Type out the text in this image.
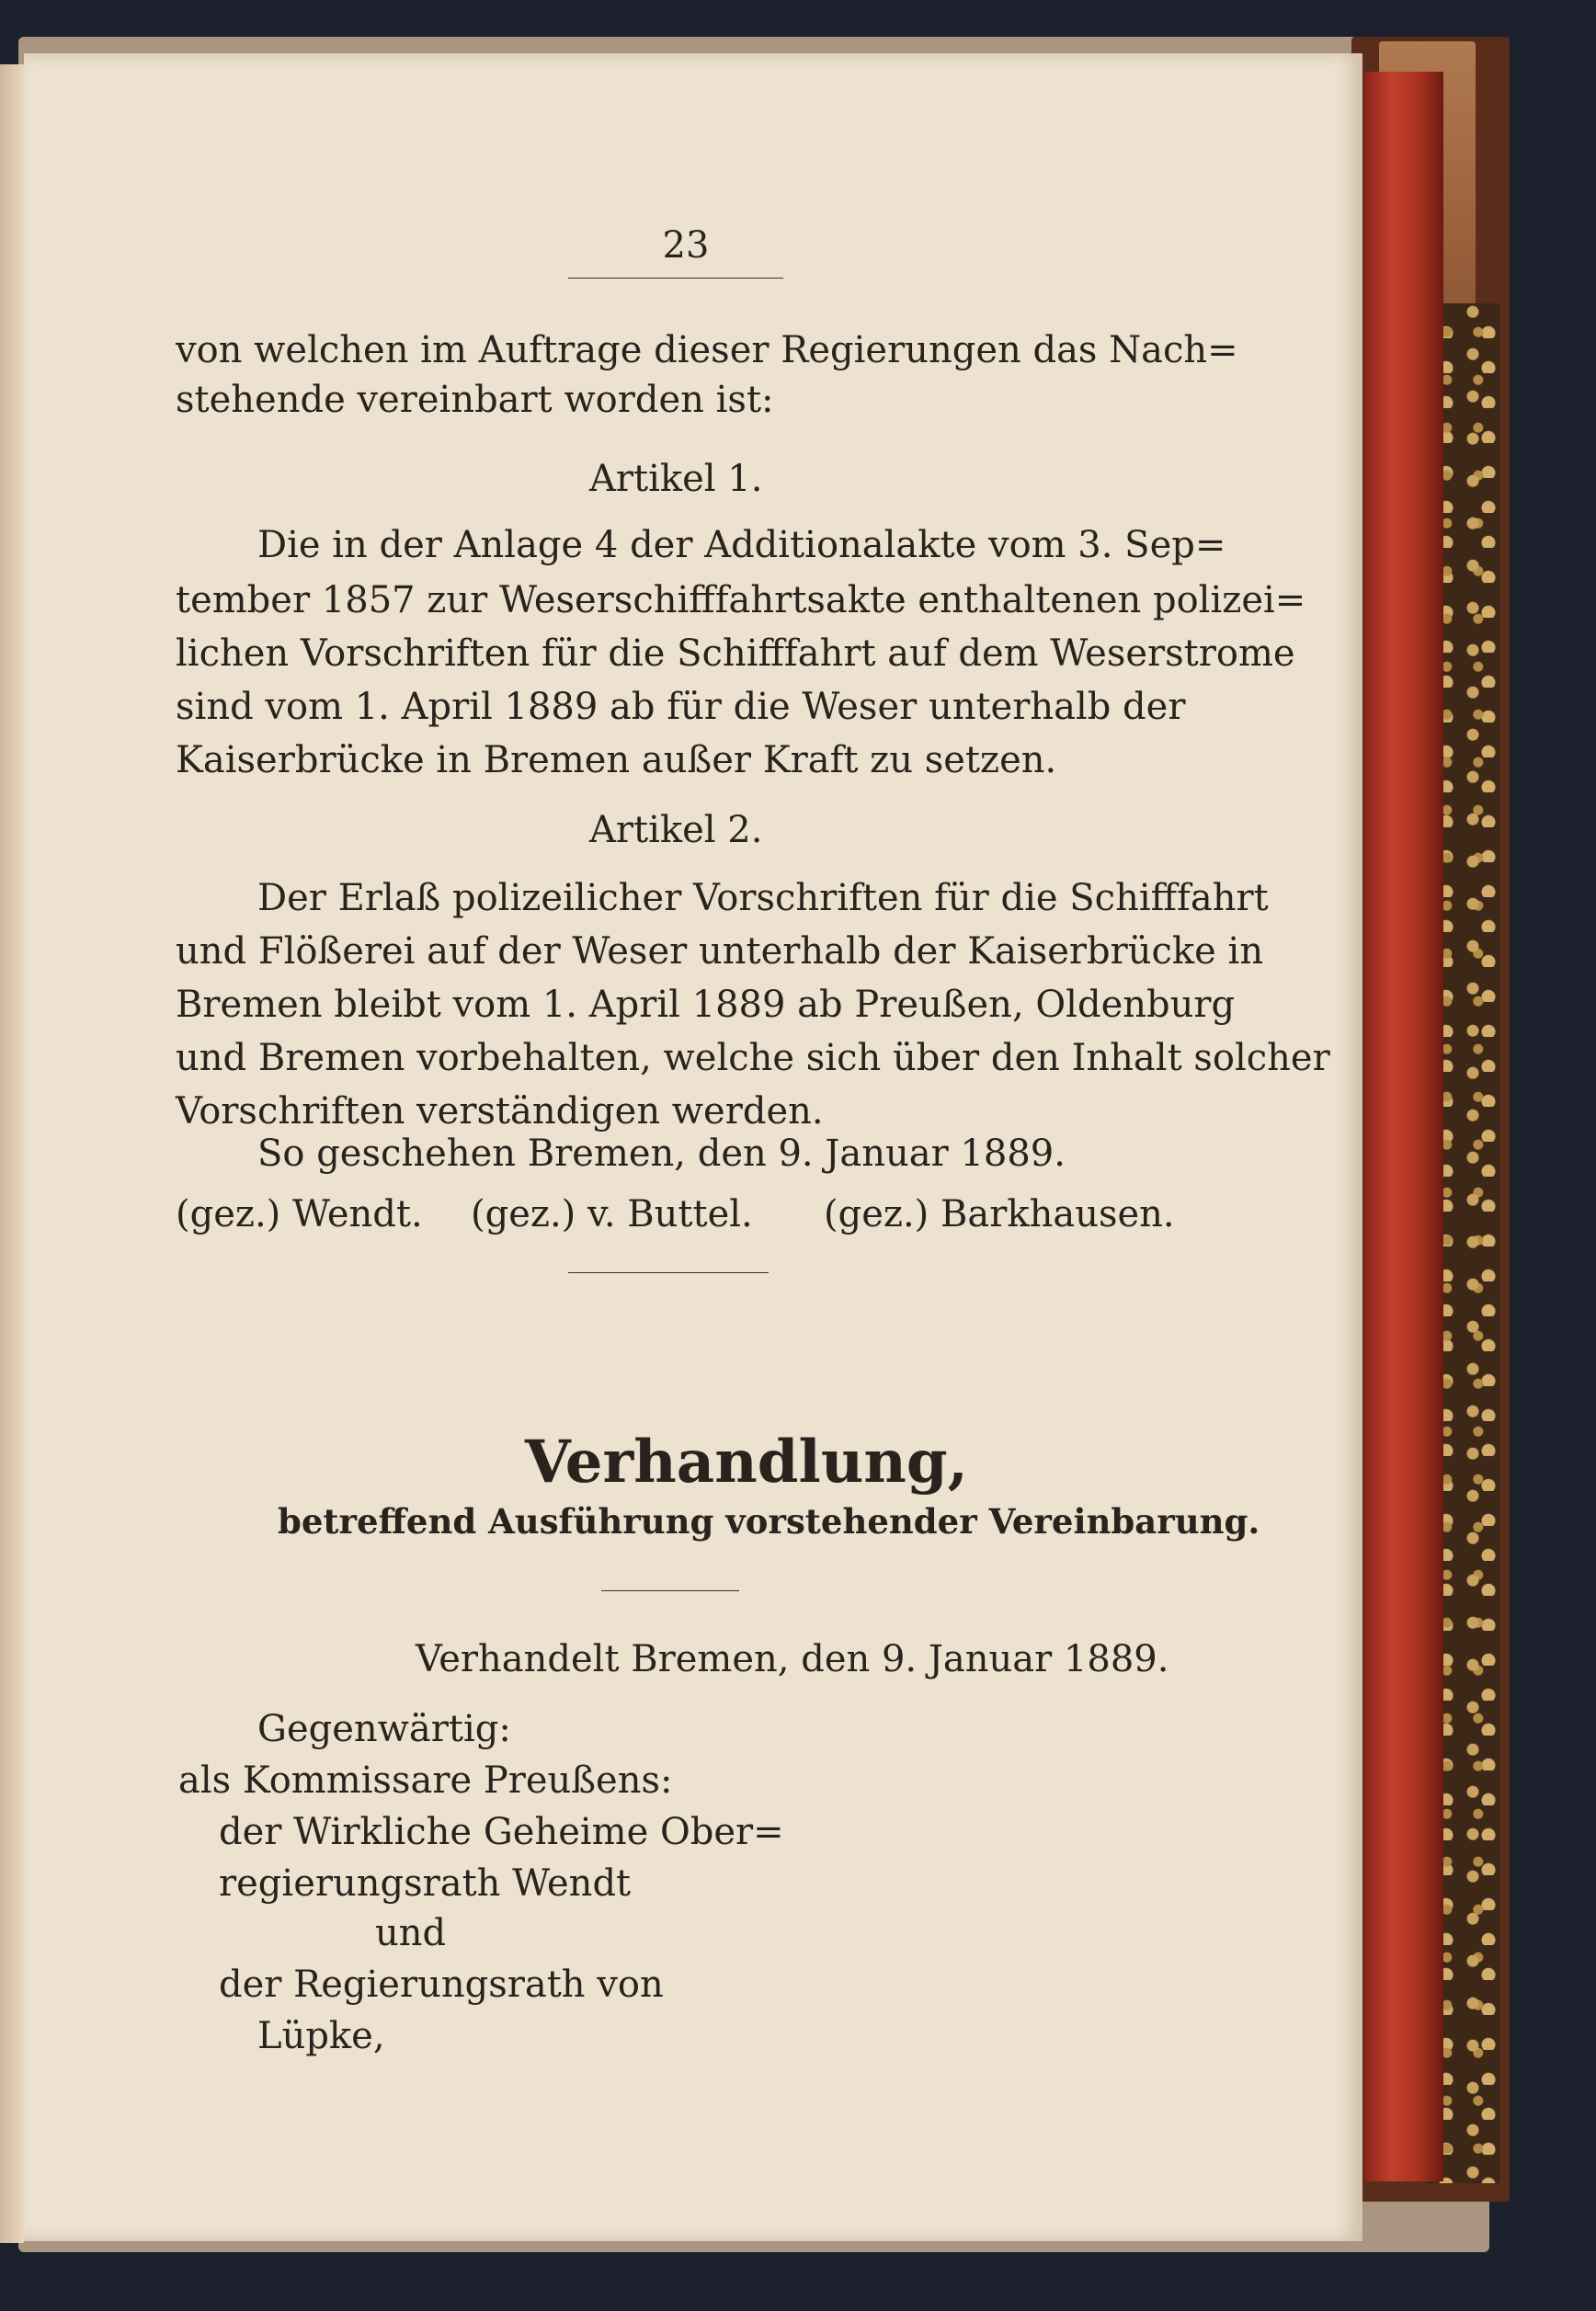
23
von welchen im Auftrage dieser Regierungen das Nach=
stehende vereinbart worden ist:
Artikel 1.
Die in der Anlage 4 der Additionalakte vom 3. Sep=
tember 1857 zur Weserschifffahrtsakte enthaltenen polizei=
lichen Vorschriften für die Schifffahrt auf dem Weserstrome
sind vom 1. April 1889 ab für die Weser unterhalb der
Kaiserbrücke in Bremen außer Kraft zu setzen.
Artikel 2.
Der Erlaß polizeilicher Vorschriften für die Schifffahrt
und Flößerei auf der Weser unterhalb der Kaiserbrücke in
Bremen bleibt vom 1. April 1889 ab Preußen, Oldenburg
und Bremen vorbehalten, welche sich über den Inhalt solcher
Vorschriften verständigen werden.
So geschehen Bremen, den 9. Januar 1889.
(gez.) Wendt. (gez.) v. Buttel. (gez.) Barkhausen.
Verhandlung,
betreffend Ausführung vorstehender Vereinbarung.
Verhandelt Bremen, den 9. Januar 1889.
Gegenwärtig:
als Kommissare Preußens:
der Wirkliche Geheime Ober=
regierungsrath Wendt
und
der Regierungsrath von
Lüpke,
